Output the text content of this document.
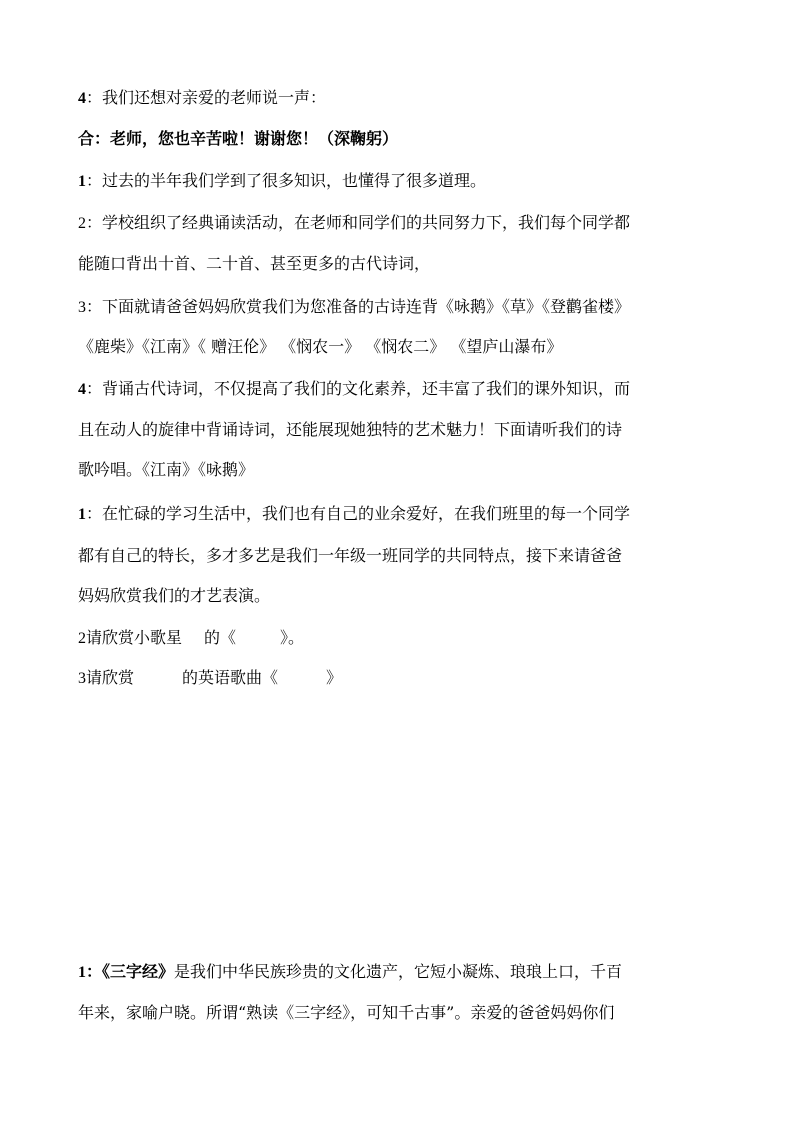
4：我们还想对亲爱的老师说一声：
合：老师，您也辛苦啦！谢谢您！（深鞠躬）
1：过去的半年我们学到了很多知识，也懂得了很多道理。
2：学校组织了经典诵读活动，在老师和同学们的共同努力下，我们每个同学都
能随口背出十首、二十首、甚至更多的古代诗词，
3：下面就请爸爸妈妈欣赏我们为您准备的古诗连背《咏鹅》《草》《登鹳雀楼》
《鹿柴》《江南》《 赠汪伦》 《悯农一》 《悯农二》 《望庐山瀑布》
4：背诵古代诗词，不仅提高了我们的文化素养，还丰富了我们的课外知识，而
且在动人的旋律中背诵诗词，还能展现她独特的艺术魅力！下面请听我们的诗
歌吟唱。《江南》《咏鹅》
1：在忙碌的学习生活中，我们也有自己的业余爱好，在我们班里的每一个同学
都有自己的特长，多才多艺是我们一年级一班同学的共同特点，接下来请爸爸
妈妈欣赏我们的才艺表演。
2请欣赏小歌星 的《	》。
3请欣赏	的英语歌曲《	》
1：《三字经》是我们中华民族珍贵的文化遗产，它短小凝炼、琅琅上口，千百
年来，家喻户晓。所谓“熟读《三字经》，可知千古事”。亲爱的爸爸妈妈你们
